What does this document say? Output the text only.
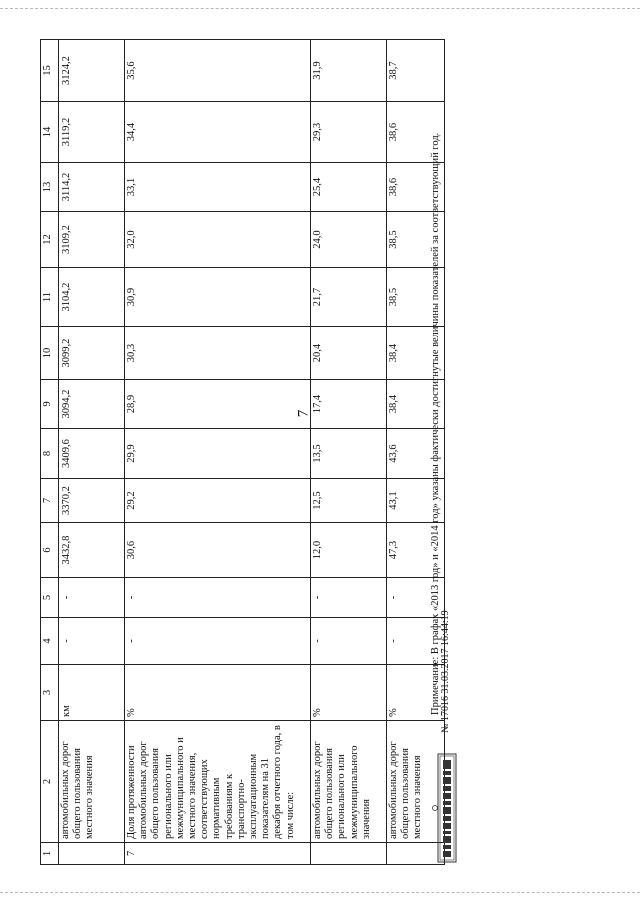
7
1	2	3	4	5	6	7	8	9	10	11	12	13	14	15
	автомобильных дорог общего пользования местного значения	км	-	-	3432,8	3370,2	3409,6	3094,2	3099,2	3104,2	3109,2	3114,2	3119,2	3124,2
7	Доля протяженности автомобильных дорог общего пользования регионального или межмуниципального и местного значения, соответствующих нормативным требованиям к транспортно-эксплуатационным показателям на 31 декабря отчетного года, в том числе:	%	-	-	30,6	29,2	29,9	28,9	30,3	30,9	32,0	33,1	34,4	35,6
	автомобильных дорог общего пользования регионального или межмуниципального значения	%	-	-	12,0	12,5	13,5	17,4	20,4	21,7	24,0	25,4	29,3	31,9
	автомобильных дорог общего пользования местного значения	%	-	-	47,3	43,1	43,6	38,4	38,4	38,5	38,5	38,6	38,6	38,7
№ 17016 31.03.2017 16:44:19
Примечание: В графах «2013 год» и «2014 год» указаны фактически достигнутые величины показателей за соответствующий год.
